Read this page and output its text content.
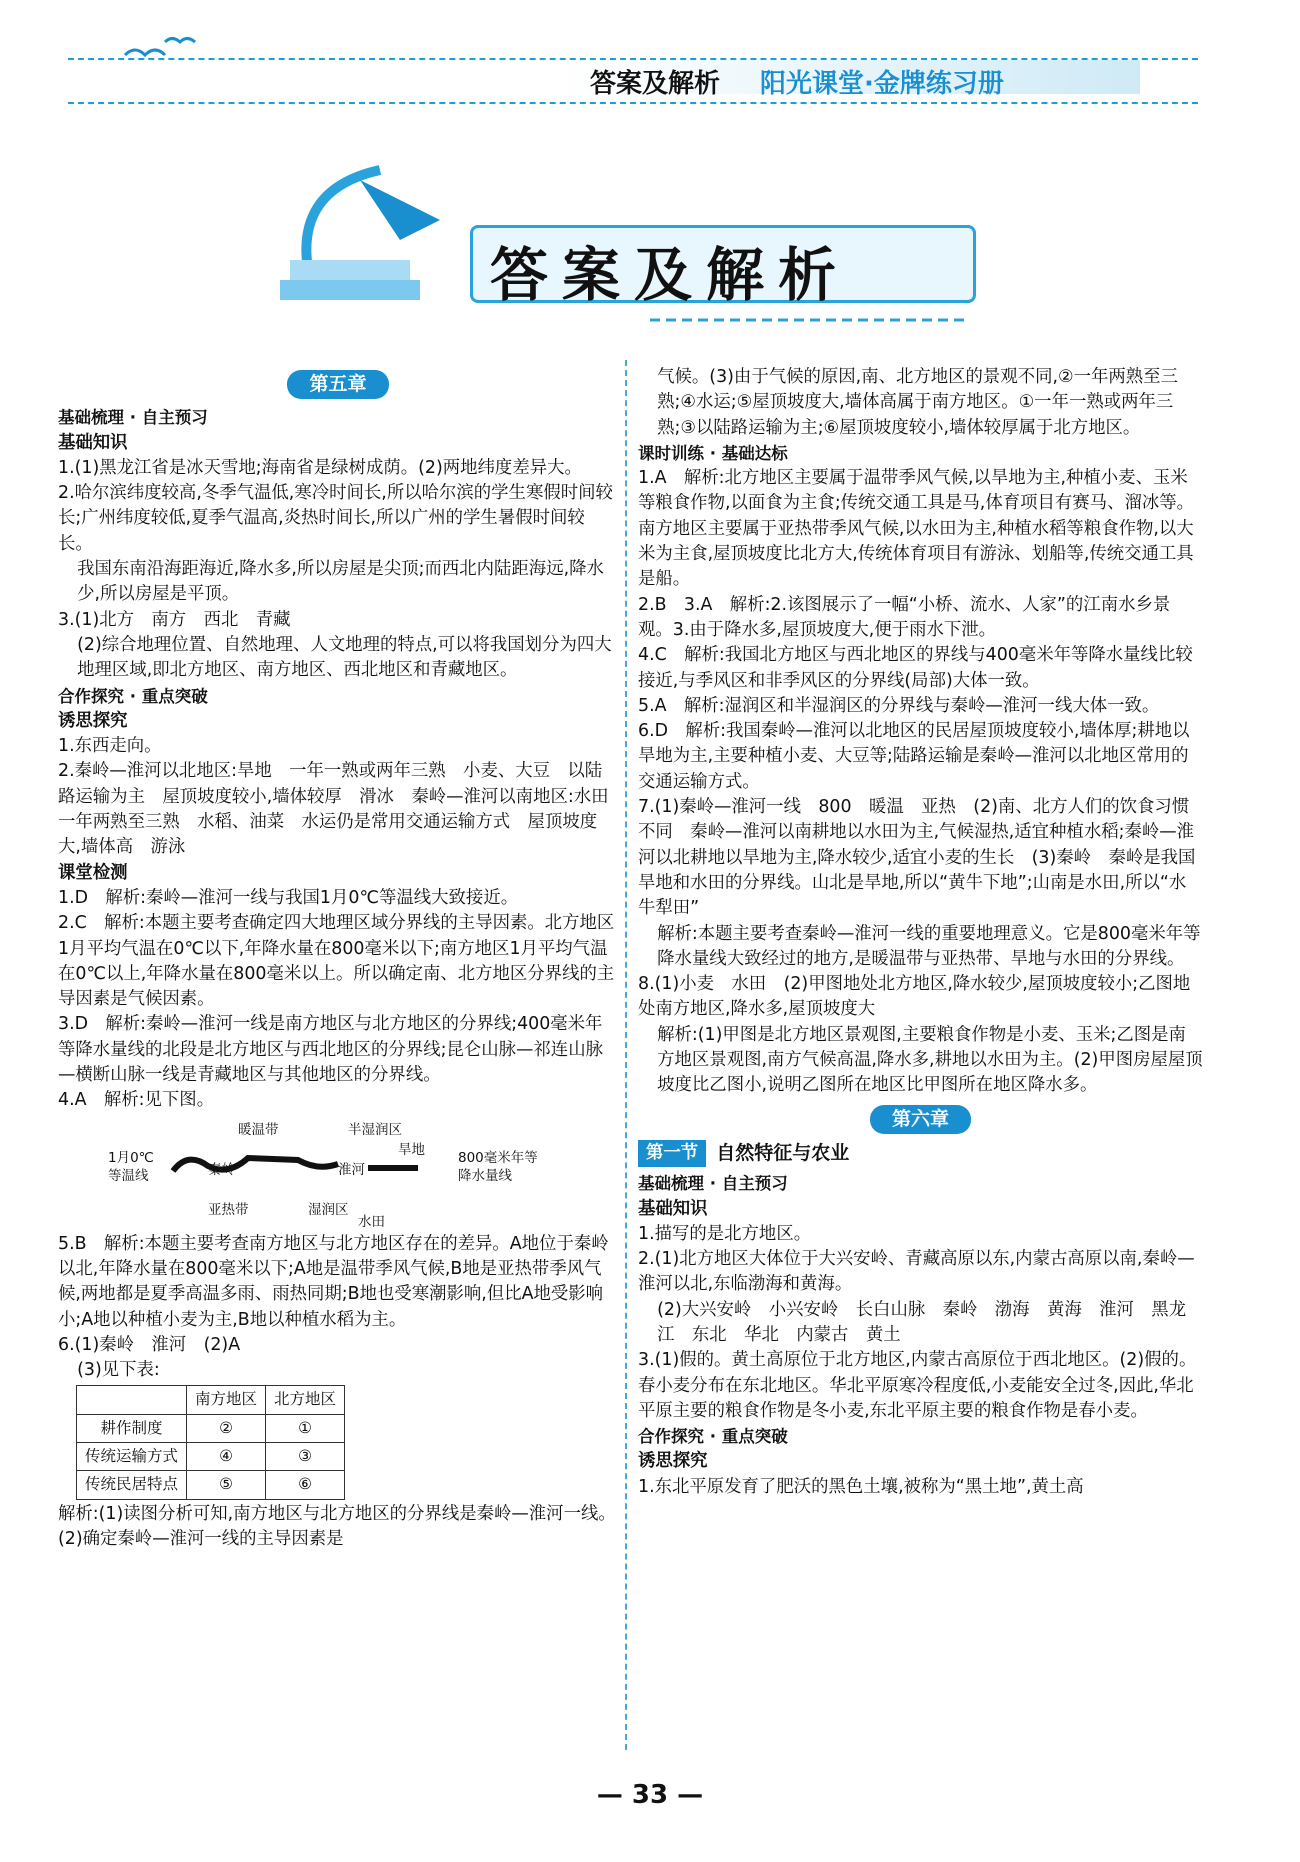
答案及解析 阳光课堂·金牌练习册
答案及解析
第五章

基础梳理 · 自主预习

基础知识

1.(1)黑龙江省是冰天雪地;海南省是绿树成荫。(2)两地纬度差异大。

2.哈尔滨纬度较高,冬季气温低,寒冷时间长,所以哈尔滨的学生寒假时间较长;广州纬度较低,夏季气温高,炎热时间长,所以广州的学生暑假时间较长。

我国东南沿海距海近,降水多,所以房屋是尖顶;而西北内陆距海远,降水少,所以房屋是平顶。

3.(1)北方　南方　西北　青藏

(2)综合地理位置、自然地理、人文地理的特点,可以将我国划分为四大地理区域,即北方地区、南方地区、西北地区和青藏地区。

合作探究 · 重点突破

诱思探究

1.东西走向。

2.秦岭—淮河以北地区:旱地　一年一熟或两年三熟　小麦、大豆　以陆路运输为主　屋顶坡度较小,墙体较厚　滑冰　秦岭—淮河以南地区:水田　一年两熟至三熟　水稻、油菜　水运仍是常用交通运输方式　屋顶坡度大,墙体高　游泳

课堂检测

1.D　解析:秦岭—淮河一线与我国1月0℃等温线大致接近。

2.C　解析:本题主要考查确定四大地理区域分界线的主导因素。北方地区1月平均气温在0℃以下,年降水量在800毫米以下;南方地区1月平均气温在0℃以上,年降水量在800毫米以上。所以确定南、北方地区分界线的主导因素是气候因素。

3.D　解析:秦岭—淮河一线是南方地区与北方地区的分界线;400毫米年等降水量线的北段是北方地区与西北地区的分界线;昆仑山脉—祁连山脉—横断山脉一线是青藏地区与其他地区的分界线。

4.A　解析:见下图。

暖温带	半湿润区
旱地
1月0℃
等温线	秦岭	淮河
800毫米年等
降水量线
亚热带	湿润区
水田

5.B　解析:本题主要考查南方地区与北方地区存在的差异。A地位于秦岭以北,年降水量在800毫米以下;A地是温带季风气候,B地是亚热带季风气候,两地都是夏季高温多雨、雨热同期;B地也受寒潮影响,但比A地受影响小;A地以种植小麦为主,B地以种植水稻为主。

6.(1)秦岭　淮河　(2)A

(3)见下表:

	南方地区	北方地区
耕作制度	②	①
传统运输方式	④	③
传统民居特点	⑤	⑥

解析:(1)读图分析可知,南方地区与北方地区的分界线是秦岭—淮河一线。(2)确定秦岭—淮河一线的主导因素是

气候。(3)由于气候的原因,南、北方地区的景观不同,②一年两熟至三熟;④水运;⑤屋顶坡度大,墙体高属于南方地区。①一年一熟或两年三熟;③以陆路运输为主;⑥屋顶坡度较小,墙体较厚属于北方地区。

课时训练 · 基础达标

1.A　解析:北方地区主要属于温带季风气候,以旱地为主,种植小麦、玉米等粮食作物,以面食为主食;传统交通工具是马,体育项目有赛马、溜冰等。南方地区主要属于亚热带季风气候,以水田为主,种植水稻等粮食作物,以大米为主食,屋顶坡度比北方大,传统体育项目有游泳、划船等,传统交通工具是船。

2.B　3.A　解析:2.该图展示了一幅“小桥、流水、人家”的江南水乡景观。3.由于降水多,屋顶坡度大,便于雨水下泄。

4.C　解析:我国北方地区与西北地区的界线与400毫米年等降水量线比较接近,与季风区和非季风区的分界线(局部)大体一致。

5.A　解析:湿润区和半湿润区的分界线与秦岭—淮河一线大体一致。

6.D　解析:我国秦岭—淮河以北地区的民居屋顶坡度较小,墙体厚;耕地以旱地为主,主要种植小麦、大豆等;陆路运输是秦岭—淮河以北地区常用的交通运输方式。

7.(1)秦岭—淮河一线　800　暖温　亚热　(2)南、北方人们的饮食习惯不同　秦岭—淮河以南耕地以水田为主,气候湿热,适宜种植水稻;秦岭—淮河以北耕地以旱地为主,降水较少,适宜小麦的生长　(3)秦岭　秦岭是我国旱地和水田的分界线。山北是旱地,所以“黄牛下地”;山南是水田,所以“水牛犁田”

解析:本题主要考查秦岭—淮河一线的重要地理意义。它是800毫米年等降水量线大致经过的地方,是暖温带与亚热带、旱地与水田的分界线。

8.(1)小麦　水田　(2)甲图地处北方地区,降水较少,屋顶坡度较小;乙图地处南方地区,降水多,屋顶坡度大

解析:(1)甲图是北方地区景观图,主要粮食作物是小麦、玉米;乙图是南方地区景观图,南方气候高温,降水多,耕地以水田为主。(2)甲图房屋屋顶坡度比乙图小,说明乙图所在地区比甲图所在地区降水多。

第六章
第一节 自然特征与农业

基础梳理 · 自主预习

基础知识

1.描写的是北方地区。

2.(1)北方地区大体位于大兴安岭、青藏高原以东,内蒙古高原以南,秦岭—淮河以北,东临渤海和黄海。

(2)大兴安岭　小兴安岭　长白山脉　秦岭　渤海　黄海　淮河　黑龙江　东北　华北　内蒙古　黄土

3.(1)假的。黄土高原位于北方地区,内蒙古高原位于西北地区。(2)假的。春小麦分布在东北地区。华北平原寒冷程度低,小麦能安全过冬,因此,华北平原主要的粮食作物是冬小麦,东北平原主要的粮食作物是春小麦。

合作探究 · 重点突破

诱思探究

1.东北平原发育了肥沃的黑色土壤,被称为“黑土地”,黄土高

— 33 —
